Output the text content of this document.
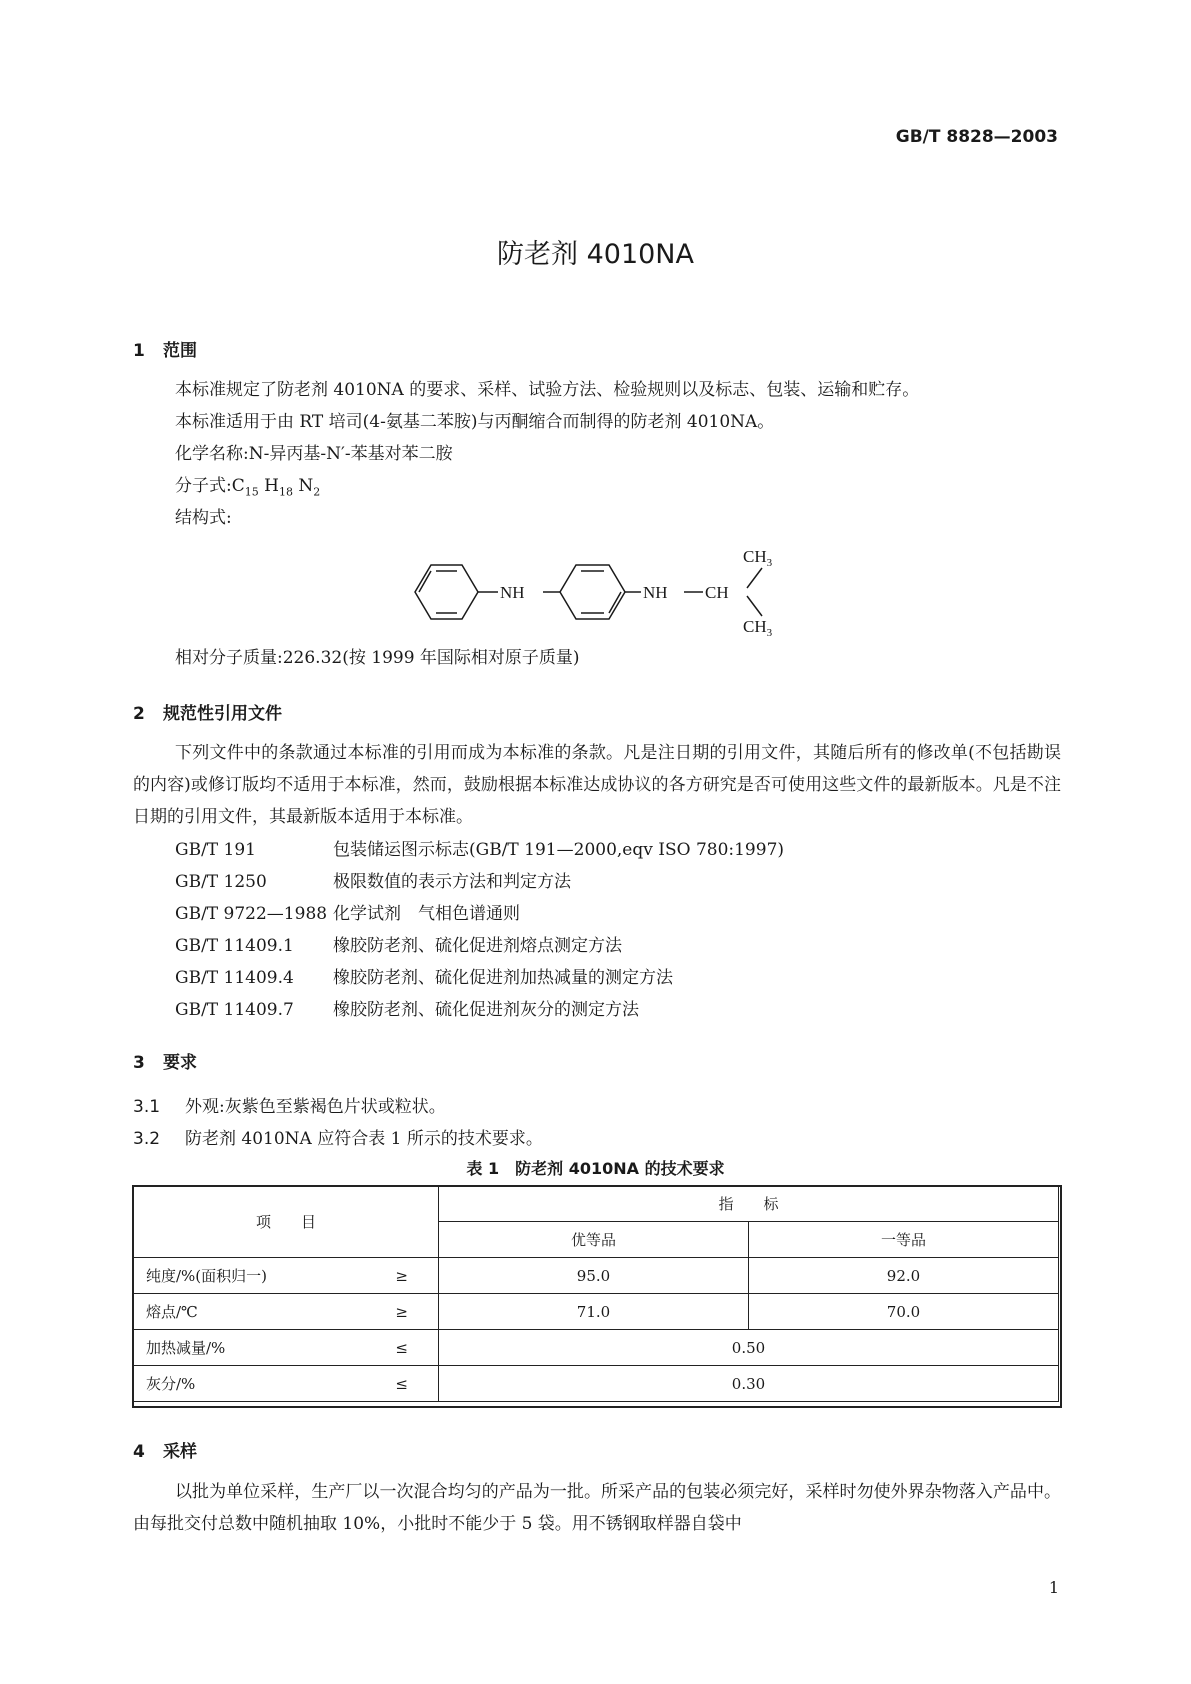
GB/T 8828—2003
防老剂 4010NA
1 范围
本标准规定了防老剂 4010NA 的要求、采样、试验方法、检验规则以及标志、包装、运输和贮存。
本标准适用于由 RT 培司(4-氨基二苯胺)与丙酮缩合而制得的防老剂 4010NA。
化学名称:N-异丙基-N′-苯基对苯二胺
分子式$:C_{15}$ $H_{18}$ $N_2$
结构式:
NH	NH CH
$CH_3$
$CH_3$
相对分子质量:226.32(按 1999 年国际相对原子质量)
2 规范性引用文件
下列文件中的条款通过本标准的引用而成为本标准的条款。凡是注日期的引用文件，其随后所有的修改单(不包括勘误的内容)或修订版均不适用于本标准，然而，鼓励根据本标准达成协议的各方研究是否可使用这些文件的最新版本。凡是不注日期的引用文件，其最新版本适用于本标准。
GB/T 191	包装储运图示标志(GB/T 191—2000,eqv ISO 780:1997)
GB/T 1250	极限数值的表示方法和判定方法
GB/T 9722—1988 化学试剂　气相色谱通则
GB/T 11409.1 橡胶防老剂、硫化促进剂熔点测定方法
GB/T 11409.4 橡胶防老剂、硫化促进剂加热减量的测定方法
GB/T 11409.7 橡胶防老剂、硫化促进剂灰分的测定方法
3 要求
3.1 外观:灰紫色至紫褐色片状或粒状。
3.2 防老剂 4010NA 应符合表 1 所示的技术要求。
表 1　防老剂 4010NA 的技术要求
项　　目		指　　标	
		优等品	一等品
纯度/%(面积归一)	≥	95.0	92.0
熔点/℃	≥	71.0	70.0
加热减量/%	≤	0.50	
灰分/%	≤	0.30	
4 采样
以批为单位采样，生产厂以一次混合均匀的产品为一批。所采产品的包装必须完好，采样时勿使外界杂物落入产品中。由每批交付总数中随机抽取 10%，小批时不能少于 5 袋。用不锈钢取样器自袋中
1
